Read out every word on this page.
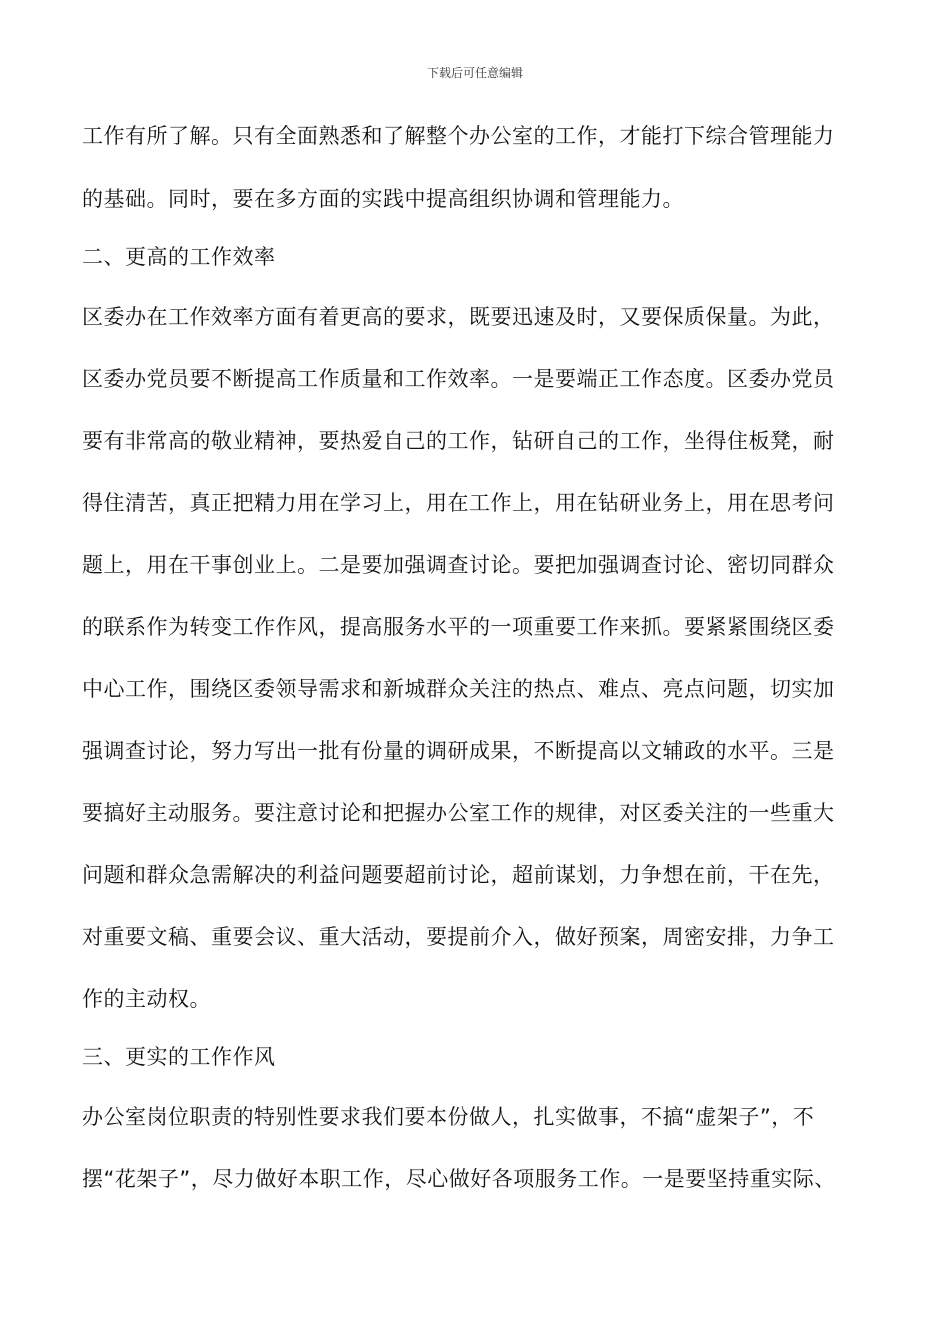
下载后可任意编辑
工作有所了解。只有全面熟悉和了解整个办公室的工作，才能打下综合管理能力
的基础。同时，要在多方面的实践中提高组织协调和管理能力。
二、更高的工作效率
区委办在工作效率方面有着更高的要求，既要迅速及时，又要保质保量。为此，
区委办党员要不断提高工作质量和工作效率。一是要端正工作态度。区委办党员
要有非常高的敬业精神，要热爱自己的工作，钻研自己的工作，坐得住板凳，耐
得住清苦，真正把精力用在学习上，用在工作上，用在钻研业务上，用在思考问
题上，用在干事创业上。二是要加强调查讨论。要把加强调查讨论、密切同群众
的联系作为转变工作作风，提高服务水平的一项重要工作来抓。要紧紧围绕区委
中心工作，围绕区委领导需求和新城群众关注的热点、难点、亮点问题，切实加
强调查讨论，努力写出一批有份量的调研成果，不断提高以文辅政的水平。三是
要搞好主动服务。要注意讨论和把握办公室工作的规律，对区委关注的一些重大
问题和群众急需解决的利益问题要超前讨论，超前谋划，力争想在前，干在先，
对重要文稿、重要会议、重大活动，要提前介入，做好预案，周密安排，力争工
作的主动权。
三、更实的工作作风
办公室岗位职责的特别性要求我们要本份做人，扎实做事，不搞“虚架子”，不
摆“花架子”，尽力做好本职工作，尽心做好各项服务工作。一是要坚持重实际、
